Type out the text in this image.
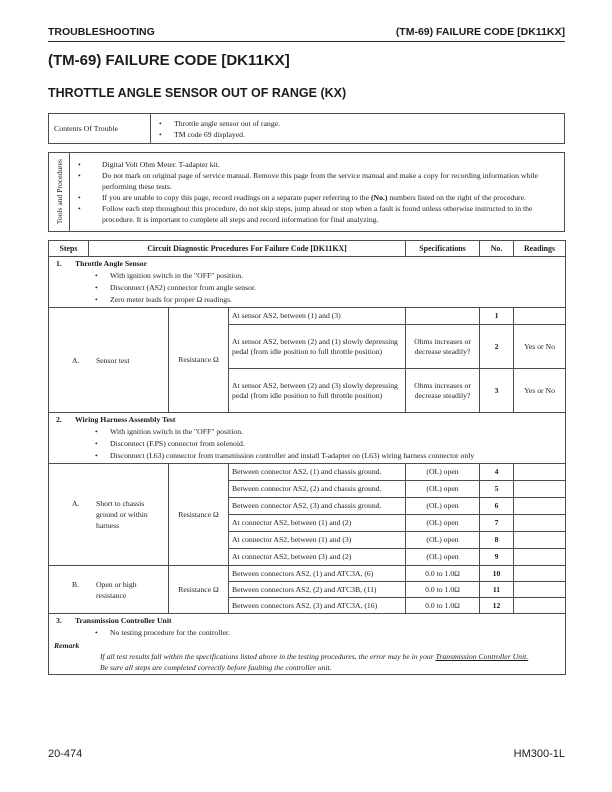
TROUBLESHOOTING	(TM-69) FAILURE CODE [DK11KX]
(TM-69) FAILURE CODE [DK11KX]
THROTTLE ANGLE SENSOR OUT OF RANGE (KX)
Contents Of Trouble
•	Throttle angle sensor out of range.
•	TM code 69 displayed.
Tools and Procedures	•	Digital Volt Ohm Meter. T-adapter kit.
•	Do not mark on original page of service manual. Remove this page from the service manual and make a copy for recording information while performing these tests.
•	If you are unable to copy this page, record readings on a separate paper referring to the (No.) numbers listed on the right of the procedure.
•	Follow each step throughout this procedure, do not skip steps, jump ahead or stop when a fault is found unless otherwise instructed to in the procedure. It is important to complete all steps and record information for final analyzing.
Steps	Circuit Diagnostic Procedures For Failure Code [DK11KX]			Specifications	No.	Readings

1.	Throttle Angle Sensor
•	With ignition switch in the "OFF" position.
•	Disconnect (AS2) connector from angle sensor.
•	Zero meter leads for proper Ω readings.

A. Sensor test		Resistance Ω	At sensor AS2, between (1) and (3)		1	
			At sensor AS2, between (2) and (1) slowly depressing pedal (from idle position to full throttle position)	Ohms increases or decrease steadily?	2	Yes or No
			At sensor AS2, between (2) and (3) slowly depressing pedal (from idle position to full throttle position)	Ohms increases or decrease steadily?	3	Yes or No

2.	Wiring Harness Assembly Test
•	With ignition switch in the "OFF" position.
•	Disconnect (F.PS) connector from solenoid.
•	Disconnect (L63) connector from transmission controller and install T-adapter on (L63) wiring harness connector only

A. Short to chassis ground or within harness		Resistance Ω	Between connector AS2, (1) and chassis ground.	(OL) open	4	
			Between connector AS2, (2) and chassis ground.	(OL) open	5	
			Between connector AS2, (3) and chassis ground.	(OL) open	6	
			At connector AS2, between (1) and (2)	(OL) open	7	
			At connector AS2, between (1) and (3)	(OL) open	8	
			At connector AS2, between (3) and (2)	(OL) open	9	

B. Open or high resistance		Resistance Ω	Between connectors AS2, (1) and ATC3A, (6)	0.0 to 1.0Ω	10	
			Between connectors AS2, (2) and ATC3B, (11)	0.0 to 1.0Ω	11	
			Between connectors AS2, (3) and ATC3A, (16)	0.0 to 1.0Ω	12	

3.	Transmission Controller Unit
•	No testing procedure for the controller.
Remark
If all test results fall within the specifications listed above in the testing procedures, the error may be in your Transmission Controller Unit.
Be sure all steps are completed correctly before faulting the controller unit.
20-474	HM300-1L
